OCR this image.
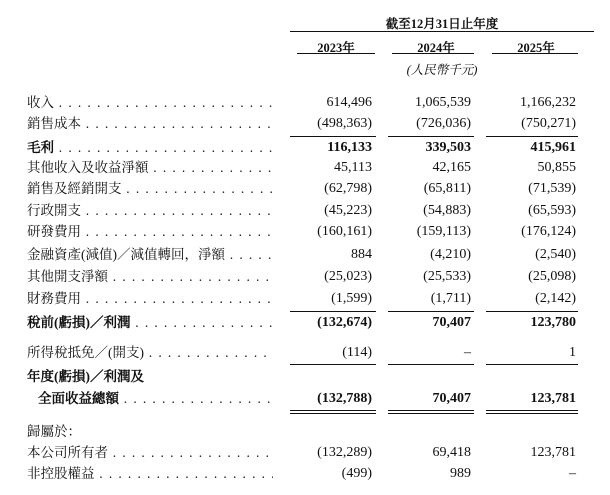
截至12月31日止年度
2023年	2024年	2025年
(人民幣千元)
收入 . . .	614,496	1,065,539	1,166,232
銷售成本 . . .	(498,363)	(726,036)	(750,271)
毛利 . . .	116,133	339,503	415,961
其他收入及收益淨額 . . .	45,113	42,165	50,855
銷售及經銷開支 . . .	(62,798)	(65,811)	(71,539)
行政開支 . . .	(45,223)	(54,883)	(65,593)
研發費用 . . .	(160,161)	(159,113)	(176,124)
金融資產(減值)／減值轉回，淨額 . . .	884	(4,210)	(2,540)
其他開支淨額 . . .	(25,023)	(25,533)	(25,098)
財務費用 . . .	(1,599)	(1,711)	(2,142)
稅前(虧損)／利潤 . . .	(132,674)	70,407	123,780
所得稅抵免／(開支) . . .	(114)	–	1
年度(虧損)／利潤及
全面收益總額 . . .	(132,788)	70,407	123,781
歸屬於：
本公司所有者 . . .	(132,289)	69,418	123,781
非控股權益 . . .	(499)	989	–
